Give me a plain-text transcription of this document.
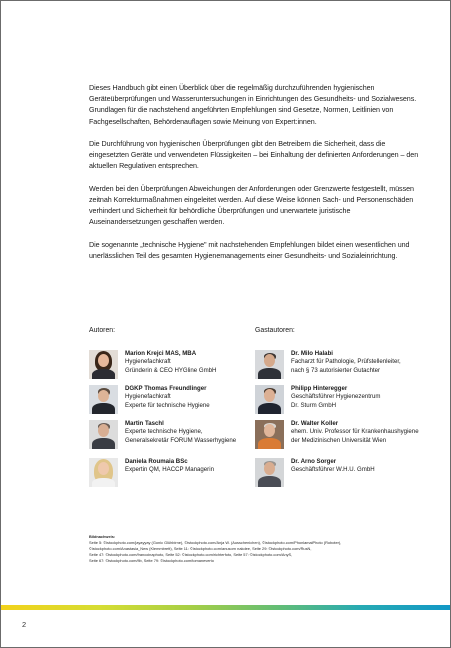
Dieses Handbuch gibt einen Überblick über die regelmäßig durchzuführenden hygienischen Geräteüberprüfungen und Wasseruntersuchungen in Einrichtungen des Gesundheits- und Sozialwesens. Grundlagen für die nachstehend angeführten Empfehlungen sind Gesetze, Normen, Leitlinien von Fachgesellschaften, Behördenauflagen sowie Meinung von Expert:innen.

Die Durchführung von hygienischen Überprüfungen gibt den Betreibern die Sicherheit, dass die eingesetzten Geräte und verwendeten Flüssigkeiten – bei Einhaltung der definierten Anforderungen – den aktuellen Regulativen entsprechen.

Werden bei den Überprüfungen Abweichungen der Anforderungen oder Grenzwerte festgestellt, müssen zeitnah Korrekturmaßnahmen eingeleitet werden. Auf diese Weise können Sach- und Personenschäden verhindert und Sicherheit für behördliche Überprüfungen und unerwartete juristische Auseinandersetzungen geschaffen werden.

Die sogenannte „technische Hygiene" mit nachstehenden Empfehlungen bildet einen wesentlichen und unerlässlichen Teil des gesamten Hygienemanagements einer Gesundheits- und Sozialeinrichtung.

Autoren:
Marion Krejci MAS, MBA
Hygienefachkraft
Gründerin & CEO HYGline GmbH
DGKP Thomas Freundlinger
Hygienefachkraft
Experte für technische Hygiene
Martin Taschl
Experte technische Hygiene,
Generalsekretär FORUM Wasserhygiene
Daniela Roumaia BSc
Expertin QM, HACCP Managerin
Gastautoren:
Dr. Milo Halabi
Facharzt für Pathologie, Prüfstellenleiter,
nach § 73 autorisierter Gutachter
Philipp Hinteregger
Geschäftsführer Hygienezentrum
Dr. Sturm GmbH
Dr. Walter Koller
ehem. Univ. Professor für Krankenhaushygiene
der Medizinischen Universität Wien
Dr. Arno Sorger
Geschäftsführer W.H.U. GmbH
Bildnachweis:
Seite 5: ©istockphoto.com/jayayyay (Gonic Glühbirne), ©istockphoto.com/Anja W. (Ausschenichen), ©istockphoto.com/PhonlamaiPhoto (Roboter),
©istockphoto.com/Anastasia_New (Klemmbrett), Seite 11: ©istockphoto.com/anusorn nakdee, Seite 29: ©istockphoto.com/RusN,
Seite 47: ©istockphoto.com/francoinaphoto, Seite 52: ©istockphoto.com/richterfoto, Seite 57: ©istockphoto.com/AnyS,
Seite 67: ©istockphoto.com/fib, Seite 79: ©istockphoto.com/tomaneverto
2
